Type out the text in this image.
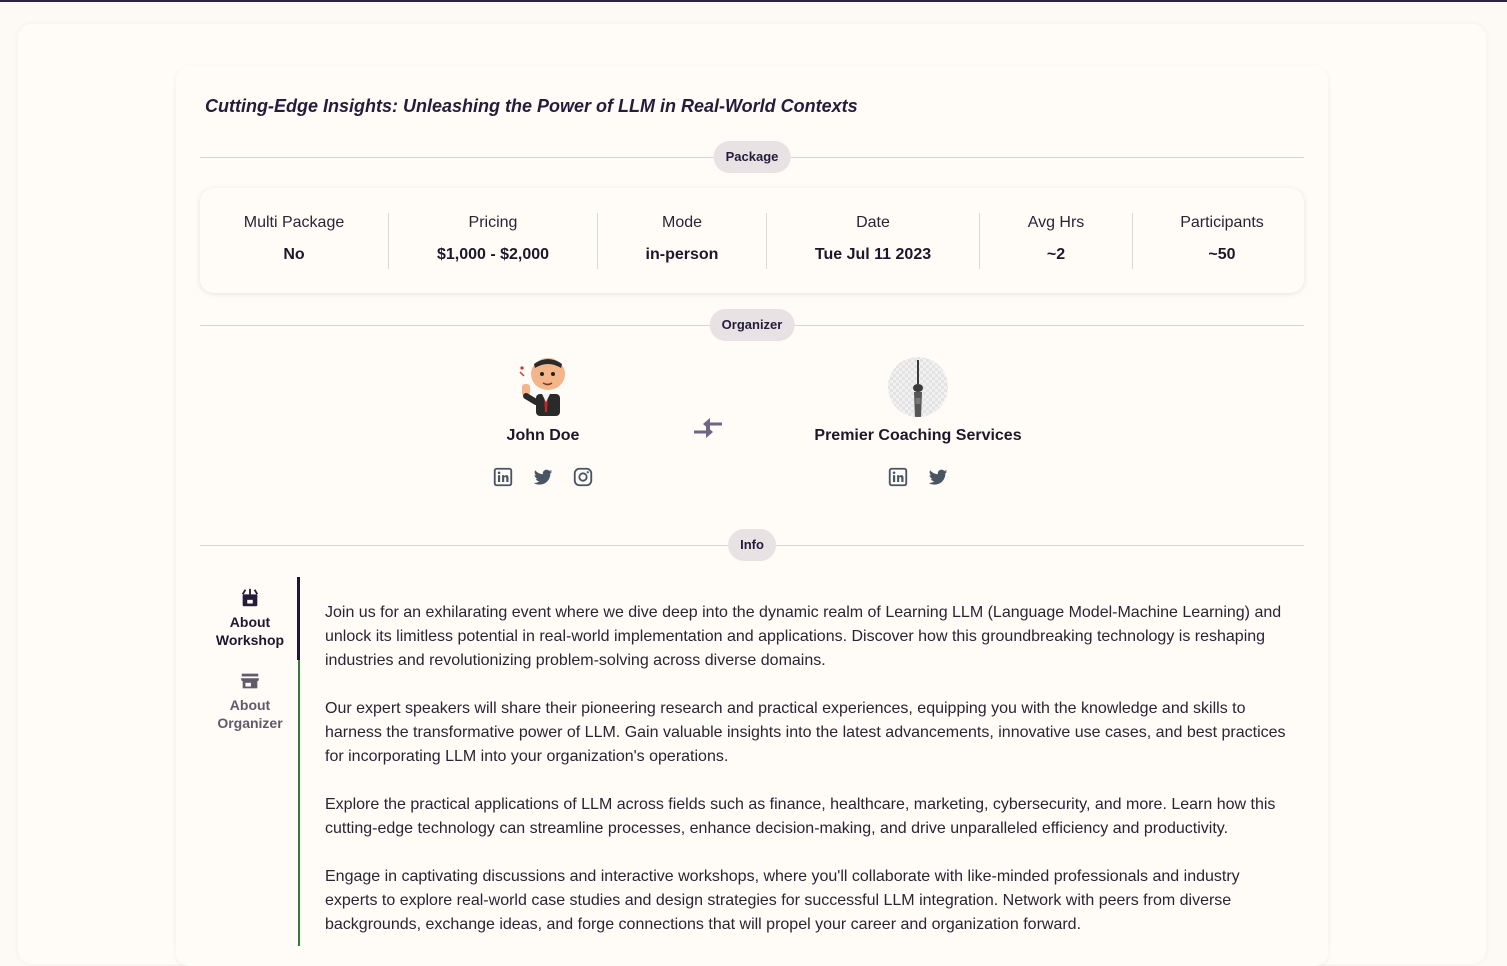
Cutting-Edge Insights: Unleashing the Power of LLM in Real-World Contexts
Package
Multi Package
No
Pricing
$1,000 - $2,000
Mode
in-person
Date
Tue Jul 11 2023
Avg Hrs
~2
Participants
~50
Organizer
John Doe	Premier Coaching Services
Info
About
Workshop
About
Organizer

Join us for an exhilarating event where we dive deep into the dynamic realm of Learning LLM (Language Model-Machine Learning) and unlock its limitless potential in real-world implementation and applications. Discover how this groundbreaking technology is reshaping industries and revolutionizing problem-solving across diverse domains.

Our expert speakers will share their pioneering research and practical experiences, equipping you with the knowledge and skills to harness the transformative power of LLM. Gain valuable insights into the latest advancements, innovative use cases, and best practices for incorporating LLM into your organization's operations.

Explore the practical applications of LLM across fields such as finance, healthcare, marketing, cybersecurity, and more. Learn how this cutting-edge technology can streamline processes, enhance decision-making, and drive unparalleled efficiency and productivity.

Engage in captivating discussions and interactive workshops, where you'll collaborate with like-minded professionals and industry experts to explore real-world case studies and design strategies for successful LLM integration. Network with peers from diverse backgrounds, exchange ideas, and forge connections that will propel your career and organization forward.
